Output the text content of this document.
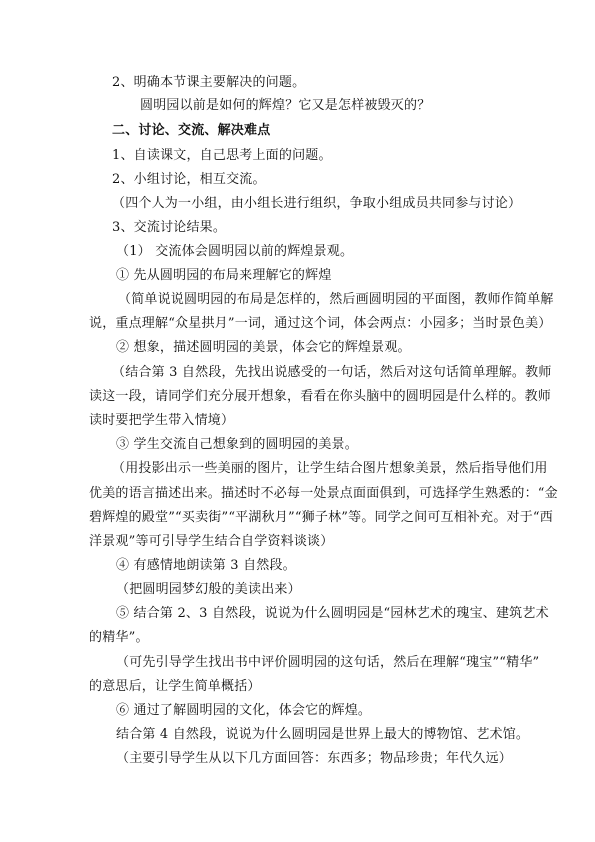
2、明确本节课主要解决的问题。
圆明园以前是如何的辉煌？它又是怎样被毁灭的？
二、讨论、交流、解决难点
1、自读课文，自己思考上面的问题。
2、小组讨论，相互交流。
（四个人为一小组，由小组长进行组织，争取小组成员共同参与讨论）
3、交流讨论结果。
（1） 交流体会圆明园以前的辉煌景观。
① 先从圆明园的布局来理解它的辉煌
（简单说说圆明园的布局是怎样的，然后画圆明园的平面图，教师作简单解
说，重点理解“众星拱月”一词，通过这个词，体会两点：小园多；当时景色美）
② 想象，描述圆明园的美景，体会它的辉煌景观。
（结合第 3 自然段，先找出说感受的一句话，然后对这句话简单理解。教师
读这一段，请同学们充分展开想象，看看在你头脑中的圆明园是什么样的。教师
读时要把学生带入情境）
③ 学生交流自己想象到的圆明园的美景。
（用投影出示一些美丽的图片，让学生结合图片想象美景，然后指导他们用
优美的语言描述出来。描述时不必每一处景点面面俱到，可选择学生熟悉的：“金
碧辉煌的殿堂”“买卖街”“平湖秋月”“狮子林”等。同学之间可互相补充。对于“西
洋景观”等可引导学生结合自学资料谈谈）
④ 有感情地朗读第 3 自然段。
（把圆明园梦幻般的美读出来）
⑤ 结合第 2、3 自然段，说说为什么圆明园是“园林艺术的瑰宝、建筑艺术
的精华”。
（可先引导学生找出书中评价圆明园的这句话，然后在理解“瑰宝”“精华”
的意思后，让学生简单概括）
⑥ 通过了解圆明园的文化，体会它的辉煌。
结合第 4 自然段，说说为什么圆明园是世界上最大的博物馆、艺术馆。
（主要引导学生从以下几方面回答：东西多；物品珍贵；年代久远）
